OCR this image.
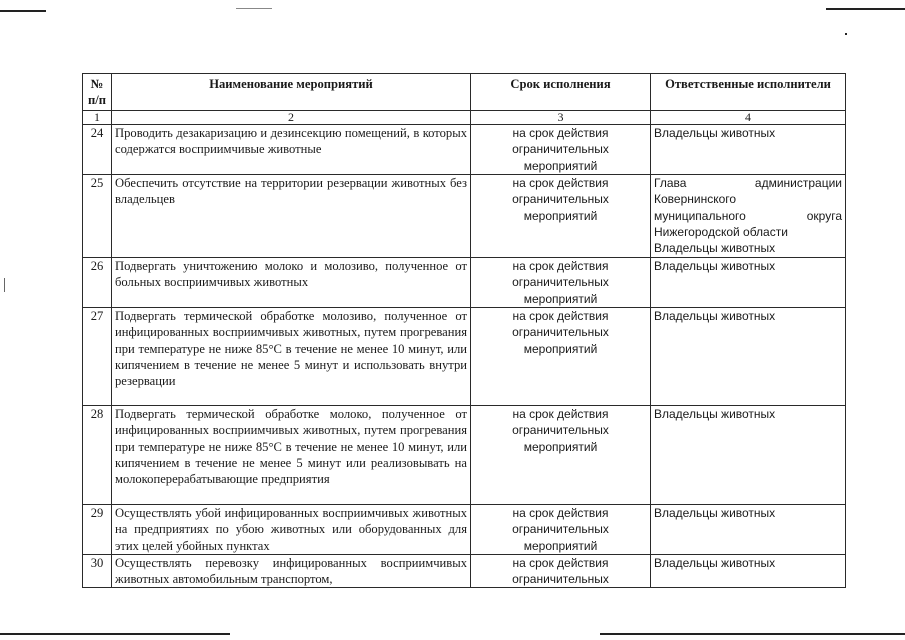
№ п/п	Наименование мероприятий	Срок исполнения	Ответственные исполнители
1	2	3	4
24	Проводить дезакаризацию и дезинсекцию помещений, в которых содержатся восприимчивые животные	на срок действия ограничительных мероприятий	Владельцы животных

25	Обеспечить отсутствие на территории резервации животных без владельцев	на срок действия ограничительных мероприятий	Глава администрации
Ковернинского
муниципального округа
Нижегородской области
Владельцы животных

26	Подвергать уничтожению молоко и молозиво, полученное от больных восприимчивых животных	на срок действия ограничительных мероприятий	Владельцы животных

27	Подвергать термической обработке молозиво, полученное от инфицированных восприимчивых животных, путем прогревания при температуре не ниже 85°С в течение не менее 10 минут, или кипячением в течение не менее 5 минут и использовать внутри резервации	на срок действия ограничительных мероприятий	Владельцы животных

28	Подвергать термической обработке молоко, полученное от инфицированных восприимчивых животных, путем прогревания при температуре не ниже 85°С в течение не менее 10 минут, или кипячением в течение не менее 5 минут или реализовывать на молокоперерабатывающие предприятия	на срок действия ограничительных мероприятий	Владельцы животных

29	Осуществлять убой инфицированных восприимчивых животных на предприятиях по убою животных или оборудованных для этих целей убойных пунктах	на срок действия ограничительных мероприятий	Владельцы животных

30	Осуществлять перевозку инфицированных восприимчивых животных автомобильным транспортом,	на срок действия ограничительных	Владельцы животных
